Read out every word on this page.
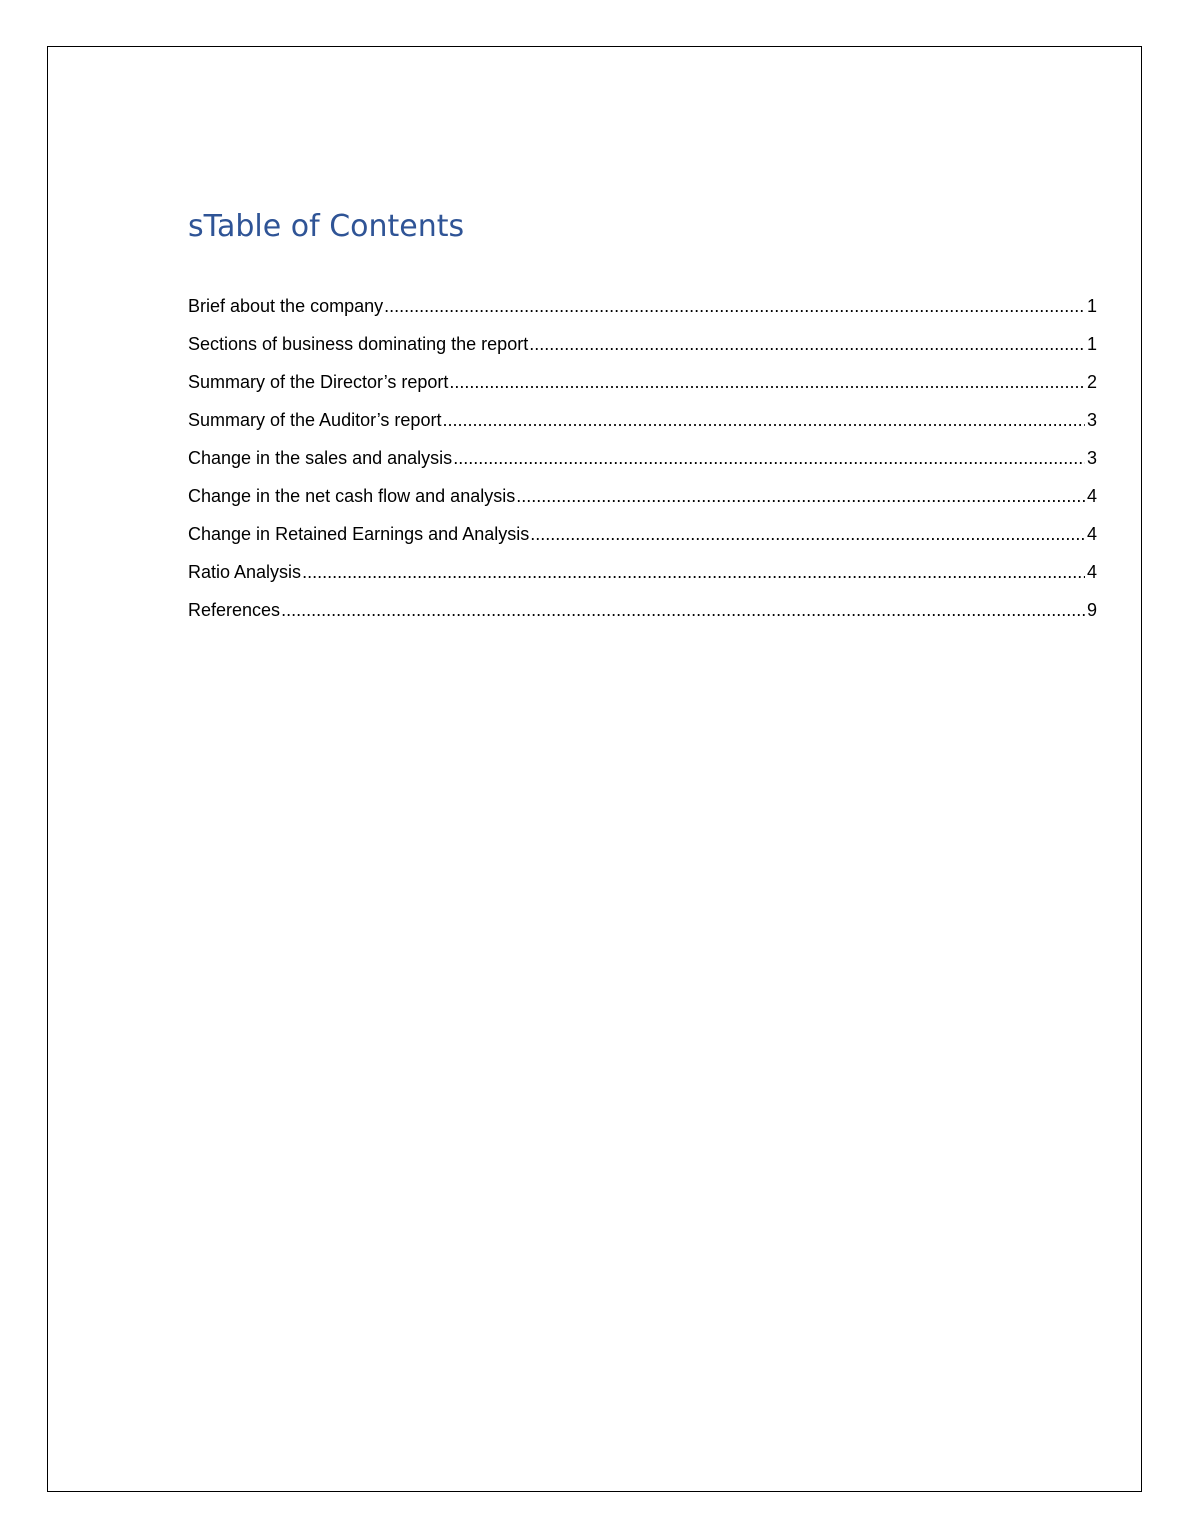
sTable of Contents
Brief about the company .....	1
Sections of business dominating the report .....	1
Summary of the Director’s report .....	2
Summary of the Auditor’s report .....	3
Change in the sales and analysis .....	3
Change in the net cash flow and analysis .....	4
Change in Retained Earnings and Analysis .....	4
Ratio Analysis .....	4
References .....	9
